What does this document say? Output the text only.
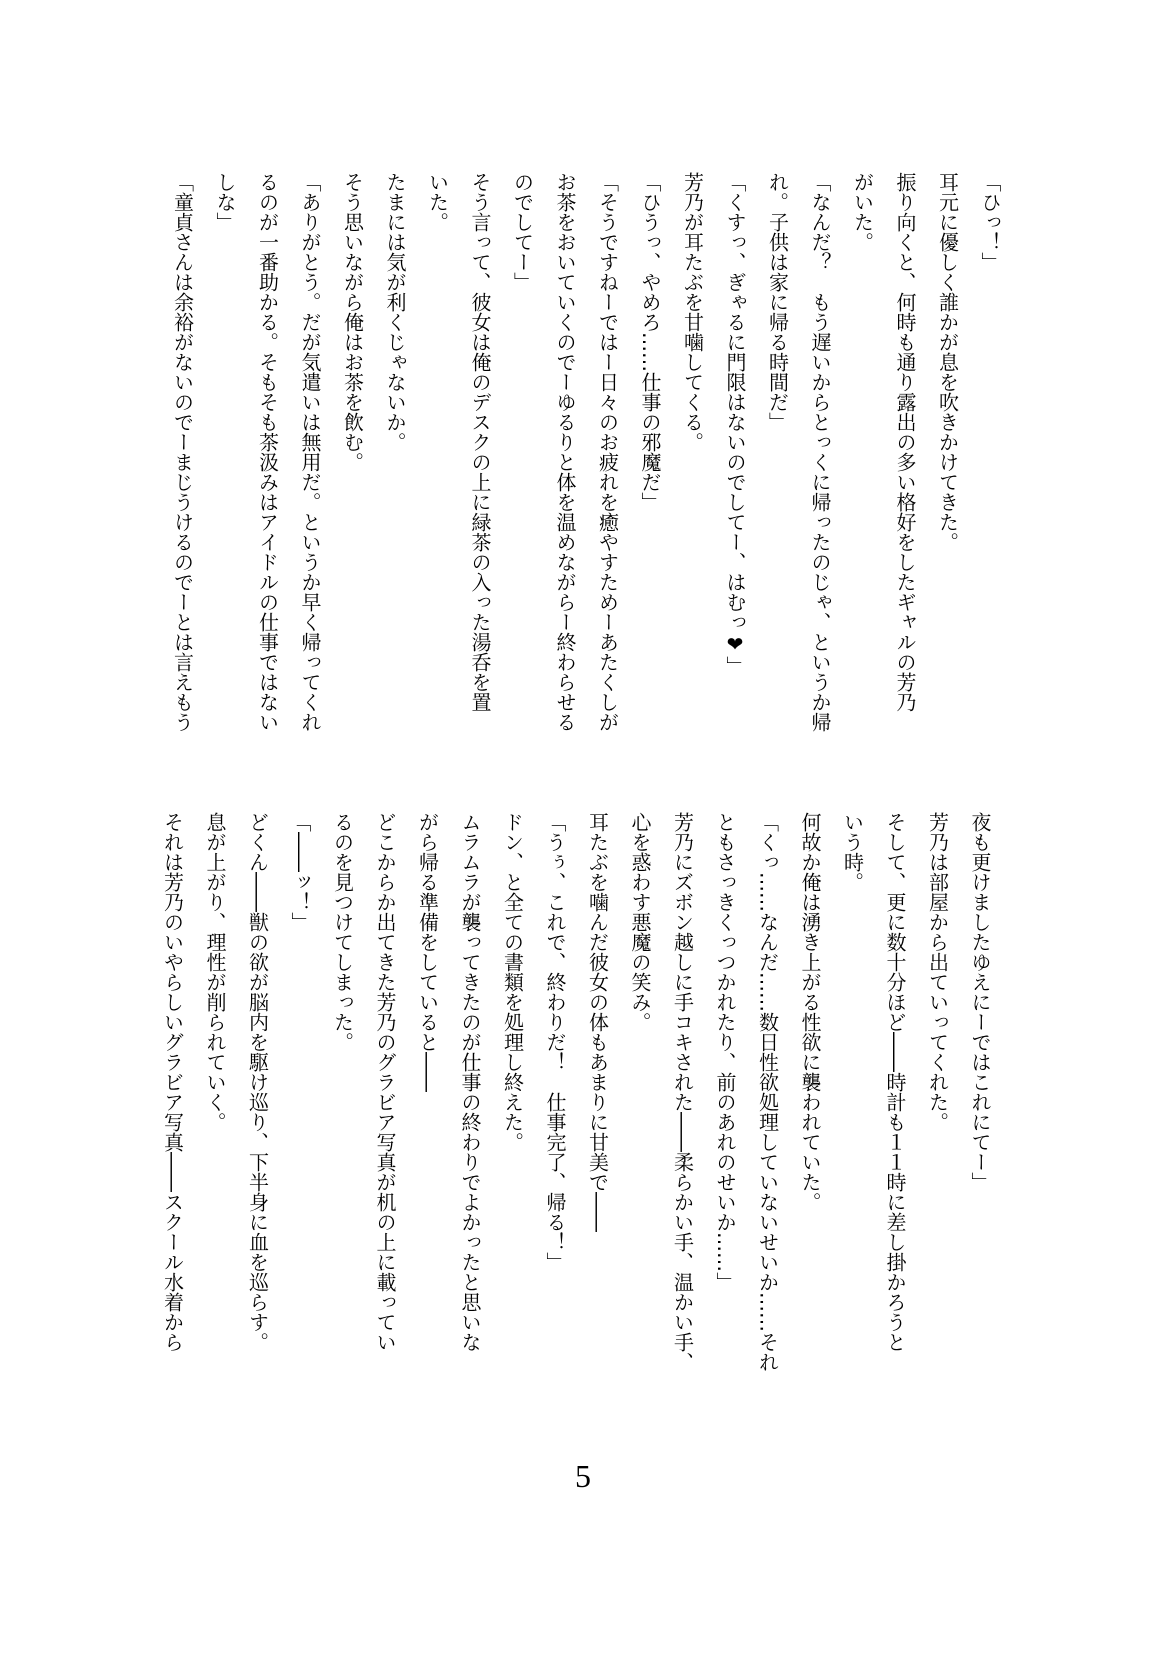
「ひっ！」
耳元に優しく誰かが息を吹きかけてきた。
振り向くと、何時も通り露出の多い格好をしたギャルの芳乃
がいた。
「なんだ？　もう遅いからとっくに帰ったのじゃ、というか帰
れ。子供は家に帰る時間だ」
「くすっ、ぎゃるに門限はないのでしてー、はむっ❤」
芳乃が耳たぶを甘噛してくる。
「ひうっ、やめろ……仕事の邪魔だ」
「そうですねーではー日々のお疲れを癒やすためーあたくしが
お茶をおいていくのでーゆるりと体を温めながらー終わらせる
のでしてー」
そう言って、彼女は俺のデスクの上に緑茶の入った湯呑を置
いた。
たまには気が利くじゃないか。
そう思いながら俺はお茶を飲む。
「ありがとう。だが気遣いは無用だ。というか早く帰ってくれ
るのが一番助かる。そもそも茶汲みはアイドルの仕事ではない
しな」
「童貞さんは余裕がないのでーまじうけるのでーとは言えもう
夜も更けましたゆえにーではこれにてー」
芳乃は部屋から出ていってくれた。
そして、更に数十分ほど――時計も１１時に差し掛かろうと
いう時。
何故か俺は湧き上がる性欲に襲われていた。
「くっ……なんだ……数日性欲処理していないせいか……それ
ともさっきくっつかれたり、前のあれのせいか……」
芳乃にズボン越しに手コキされた――柔らかい手、温かい手、
心を惑わす悪魔の笑み。
耳たぶを噛んだ彼女の体もあまりに甘美で――
「うぅ、これで、終わりだ！　仕事完了、帰る！」
ドン、と全ての書類を処理し終えた。
ムラムラが襲ってきたのが仕事の終わりでよかったと思いな
がら帰る準備をしていると――
どこからか出てきた芳乃のグラビア写真が机の上に載ってい
るのを見つけてしまった。
「――ッ！」
どくん――獣の欲が脳内を駆け巡り、下半身に血を巡らす。
息が上がり、理性が削られていく。
それは芳乃のいやらしいグラビア写真――スクール水着から
5
